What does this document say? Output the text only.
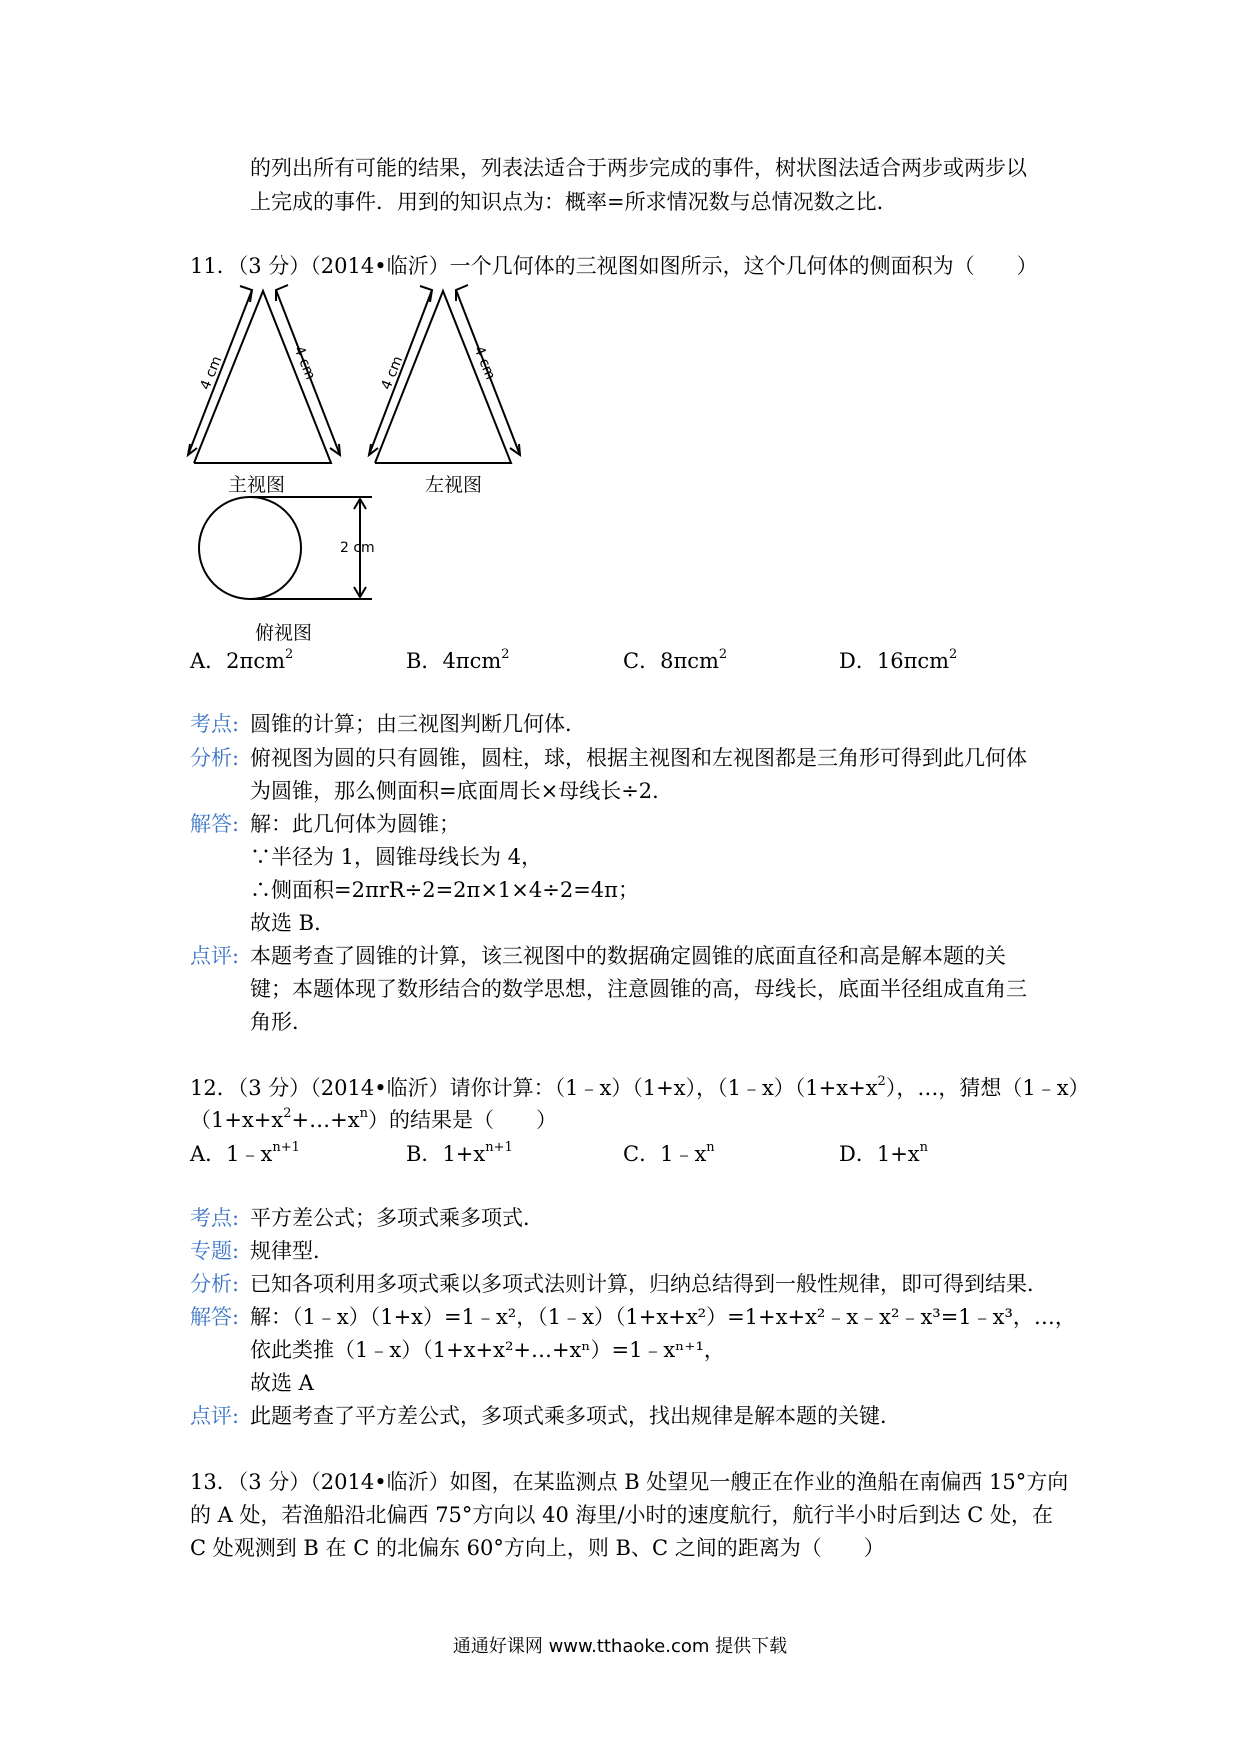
的列出所有可能的结果，列表法适合于两步完成的事件，树状图法适合两步或两步以
上完成的事件．用到的知识点为：概率=所求情况数与总情况数之比．
11．（3 分）（2014•临沂）一个几何体的三视图如图所示，这个几何体的侧面积为（　　）
4 cm	4 cm	4 cm	4 cm
主视图	左视图
2 cm
俯视图
A．2πcm$^2$	B．4πcm$^2$	C．8πcm$^2$	D．16πcm$^2$
考点: 圆锥的计算；由三视图判断几何体．
分析: 俯视图为圆的只有圆锥，圆柱，球，根据主视图和左视图都是三角形可得到此几何体
为圆锥，那么侧面积=底面周长×母线长÷2．
解答: 解：此几何体为圆锥；
∵半径为 1，圆锥母线长为 4，
∴侧面积=2πrR÷2=2π×1×4÷2=4π；
故选 B．
点评: 本题考查了圆锥的计算，该三视图中的数据确定圆锥的底面直径和高是解本题的关
键；本题体现了数形结合的数学思想，注意圆锥的高，母线长，底面半径组成直角三
角形．
12．（3 分）（2014•临沂）请你计算：（1﹣x）（1+x），$(1﹣x)(1+x+x^2)$，…，猜想（1﹣x）
$(1+x+x^2+\dots+x^n)$的结果是（　　）
A．$1﹣x^{n+1}$	B．$1+x^{n+1}$	C．$1﹣x^n$	D．$1+x^n$
考点: 平方差公式；多项式乘多项式．
专题: 规律型．
分析: 已知各项利用多项式乘以多项式法则计算，归纳总结得到一般性规律，即可得到结果．
解答: 解：（1﹣x）（1+x）=1﹣x²，（1﹣x）（1+x+x²）=1+x+x²﹣x﹣x²﹣x³=1﹣x³，…，
依此类推（1﹣x）（1+x+x²+…+xⁿ）=1﹣xⁿ⁺¹，
故选 A
点评: 此题考查了平方差公式，多项式乘多项式，找出规律是解本题的关键．
13．（3 分）（2014•临沂）如图，在某监测点 B 处望见一艘正在作业的渔船在南偏西 15°方向
的 A 处，若渔船沿北偏西 75°方向以 40 海里/小时的速度航行，航行半小时后到达 C 处，在
C 处观测到 B 在 C 的北偏东 60°方向上，则 B、C 之间的距离为（　　）
通通好课网 www.tthaoke.com 提供下载
